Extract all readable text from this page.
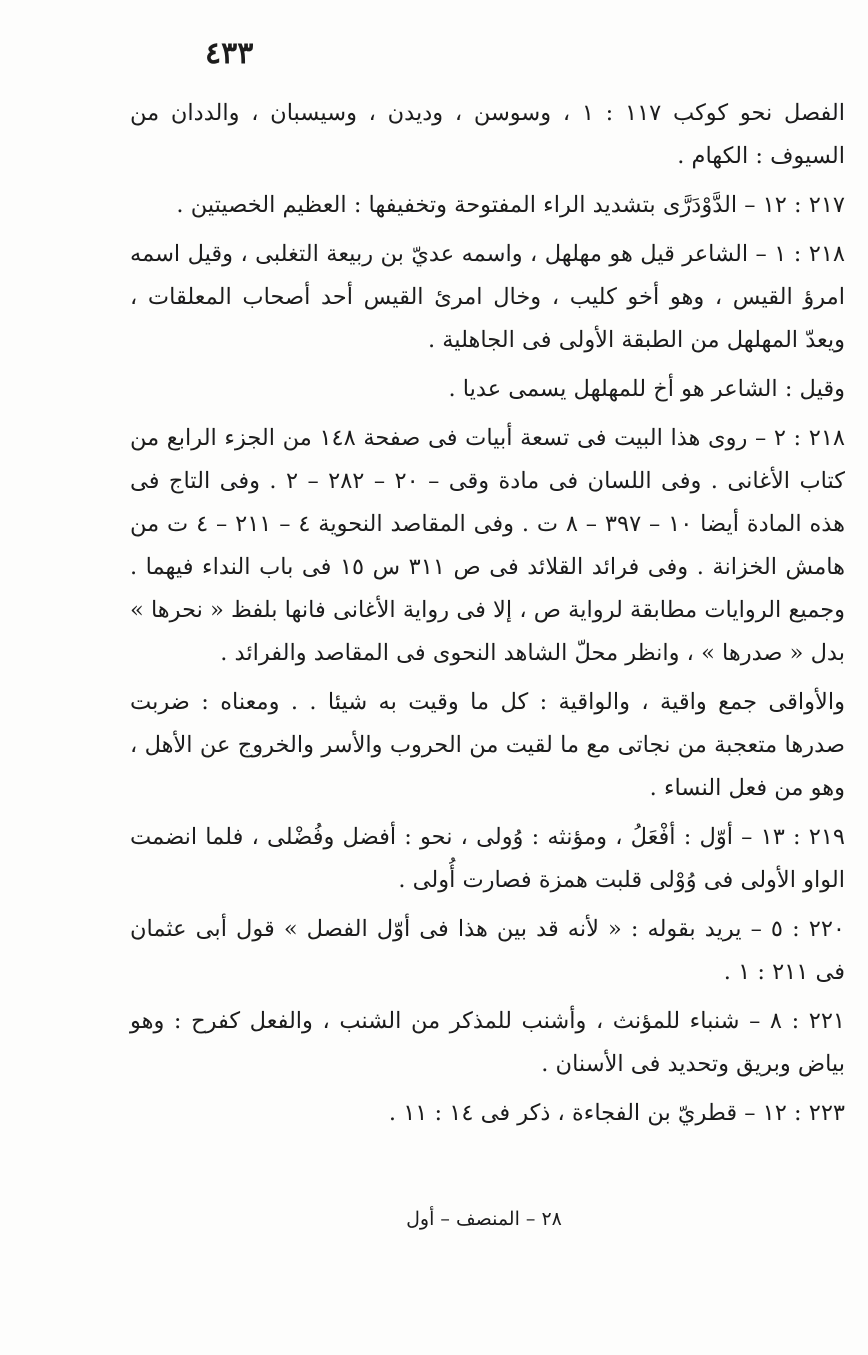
٤٣٣

الفصل نحو كوكب ١١٧ : ١ ، وسوسن ، وديدن ، وسيسبان ، والددان من السيوف : الكهام .

٢١٧ : ١٢ – الدَّوْدَرَّى بتشديد الراء المفتوحة وتخفيفها : العظيم الخصيتين .

٢١٨ : ١ – الشاعر قيل هو مهلهل ، واسمه عديّ بن ربيعة التغلبى ، وقيل اسمه امرؤ القيس ، وهو أخو كليب ، وخال امرئ القيس أحد أصحاب المعلقات ، ويعدّ المهلهل من الطبقة الأولى فى الجاهلية .

وقيل : الشاعر هو أخ للمهلهل يسمى عديا .

٢١٨ : ٢ – روى هذا البيت فى تسعة أبيات فى صفحة ١٤٨ من الجزء الرابع من كتاب الأغانى . وفى اللسان فى مادة وقى – ٢٠ – ٢٨٢ – ٢ . وفى التاج فى هذه المادة أيضا ١٠ – ٣٩٧ – ٨ ت . وفى المقاصد النحوية ٤ – ٢١١ – ٤ ت من هامش الخزانة . وفى فرائد القلائد فى ص ٣١١ س ١٥ فى باب النداء فيهما . وجميع الروايات مطابقة لرواية ص ، إلا فى رواية الأغانى فانها بلفظ « نحرها » بدل « صدرها » ، وانظر محلّ الشاهد النحوى فى المقاصد والفرائد .

والأواقى جمع واقية ، والواقية : كل ما وقيت به شيئا . . ومعناه : ضربت صدرها متعجبة من نجاتى مع ما لقيت من الحروب والأسر والخروج عن الأهل ، وهو من فعل النساء .

٢١٩ : ١٣ – أوّل : أفْعَلُ ، ومؤنثه : وُولى ، نحو : أفضل وفُضْلى ، فلما انضمت الواو الأولى فى وُوْلى قلبت همزة فصارت أُولى .

٢٢٠ : ٥ – يريد بقوله : « لأنه قد بين هذا فى أوّل الفصل » قول أبى عثمان فى ٢١١ : ١ .

٢٢١ : ٨ – شنباء للمؤنث ، وأشنب للمذكر من الشنب ، والفعل كفرح : وهو بياض وبريق وتحديد فى الأسنان .

٢٢٣ : ١٢ – قطريّ بن الفجاءة ، ذكر فى ١٤ : ١١ .

٢٨ – المنصف – أول
